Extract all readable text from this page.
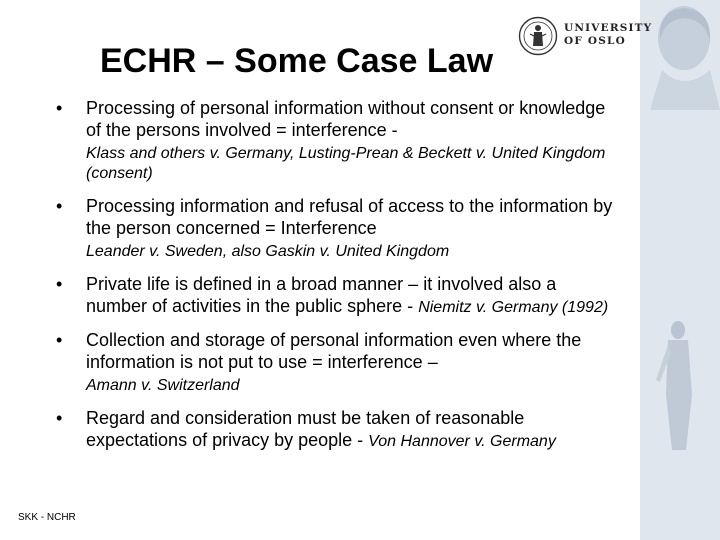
UNIVERSITY
OF OSLO
ECHR – Some Case Law
• Processing of personal information without consent or knowledge of the persons involved = interference -
Klass and others v. Germany, Lusting-Prean & Beckett v. United Kingdom (consent)
• Processing information and refusal of access to the information by the person concerned = Interference
Leander v. Sweden, also Gaskin v. United Kingdom
• Private life is defined in a broad manner – it involved also a number of activities in the public sphere - Niemitz v. Germany (1992)
• Collection and storage of personal information even where the information is not put to use = interference –
Amann v. Switzerland
• Regard and consideration must be taken of reasonable expectations of privacy by people - Von Hannover v. Germany
SKK - NCHR
